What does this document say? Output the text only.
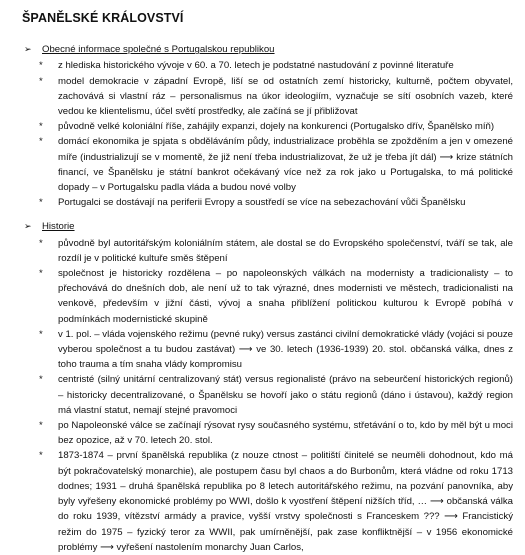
ŠPANĚLSKÉ KRÁLOVSTVÍ
➢ Obecné informace společné s Portugalskou republikou
* z hlediska historického vývoje v 60. a 70. letech je podstatné nastudování z povinné literatuře
* model demokracie v západní Evropě, liší se od ostatních zemí historicky, kulturně, počtem obyvatel, zachovává si vlastní ráz – personalismus na úkor ideologiím, vyznačuje se sítí osobních vazeb, které vedou ke klientelismu, účel světí prostředky, ale začíná se jí přibližovat
* původně velké koloniální říše, zahájily expanzi, dojely na konkurenci (Portugalsko dřív, Španělsko míň)
* domácí ekonomika je spjata s obděláváním půdy, industrializace proběhla se zpožděním a jen v omezené míře (industrializují se v momentě, že již není třeba industrializovat, že už je třeba jít dál) ⟶ krize státních financí, ve Španělsku je státní bankrot očekávaný více než za rok jako u Portugalska, to má politické dopady – v Portugalsku padla vláda a budou nové volby
* Portugalci se dostávají na periferii Evropy a soustředí se více na sebezachování vůči Španělsku
➢ Historie
* původně byl autoritářským koloniálním státem, ale dostal se do Evropského společenství, tváří se tak, ale rozdíl je v politické kultuře směs štěpení
* společnost je historicky rozdělena – po napoleonských válkách na modernisty a tradicionalisty – to přechovává do dnešních dob, ale není už to tak výrazné, dnes modernisti ve městech, tradicionalisti na venkově, především v jižní části, vývoj a snaha přiblížení politickou kulturou k Evropě pobíhá v podmínkách modernistické skupině
* v 1. pol. – vláda vojenského režimu (pevné ruky) versus zastánci civilní demokratické vlády (vojáci si pouze vyberou společnost a tu budou zastávat) ⟶ ve 30. letech (1936-1939) 20. stol. občanská válka, dnes z toho trauma a tím snaha vlády kompromisu
* centristé (silný unitární centralizovaný stát) versus regionalisté (právo na sebeurčení historických regionů) – historicky decentralizované, o Španělsku se hovoří jako o státu regionů (dáno i ústavou), každý region má vlastní statut, nemají stejné pravomoci
* po Napoleonské válce se začínají rýsovat rysy současného systému, střetávání o to, kdo by měl být u moci bez opozice, až v 70. letech 20. stol.
* 1873-1874 – první španělská republika (z nouze ctnost – politiští činitelé se neuměli dohodnout, kdo má být pokračovatelský monarchie), ale postupem času byl chaos a do Burbonům, která vládne od roku 1713 dodnes; 1931 – druhá španělská republika po 8 letech autoritářského režimu, na pozvání panovníka, aby byly vyřešeny ekonomické problémy po WWI, došlo k vyostření štěpení nižších tříd, … ⟶ občanská válka do roku 1939, vítězství armády a pravice, vyšší vrstvy společnosti s Franceskem ??? ⟶ Francistický režim do 1975 – fyzický teror za WWII, pak umírněnější, pak zase konfliktnější – v 1956 ekonomické problémy ⟶ vyřešení nastolením monarchy Juan Carlos,
